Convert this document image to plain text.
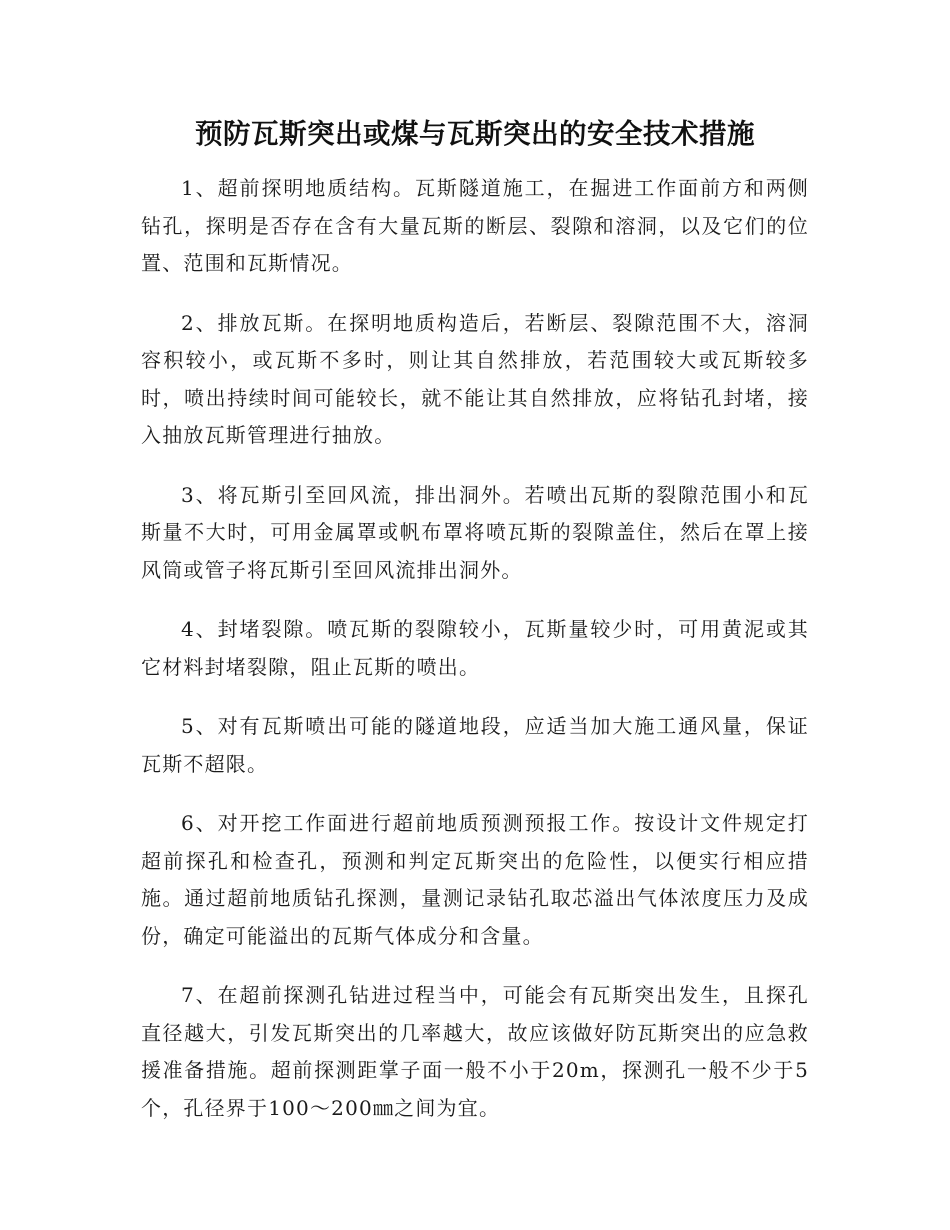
预防瓦斯突出或煤与瓦斯突出的安全技术措施

1、超前探明地质结构。瓦斯隧道施工，在掘进工作面前方和两侧钻孔，探明是否存在含有大量瓦斯的断层、裂隙和溶洞，以及它们的位置、范围和瓦斯情况。

2、排放瓦斯。在探明地质构造后，若断层、裂隙范围不大，溶洞容积较小，或瓦斯不多时，则让其自然排放，若范围较大或瓦斯较多时，喷出持续时间可能较长，就不能让其自然排放，应将钻孔封堵，接入抽放瓦斯管理进行抽放。

3、将瓦斯引至回风流，排出洞外。若喷出瓦斯的裂隙范围小和瓦斯量不大时，可用金属罩或帆布罩将喷瓦斯的裂隙盖住，然后在罩上接风筒或管子将瓦斯引至回风流排出洞外。

4、封堵裂隙。喷瓦斯的裂隙较小，瓦斯量较少时，可用黄泥或其它材料封堵裂隙，阻止瓦斯的喷出。

5、对有瓦斯喷出可能的隧道地段，应适当加大施工通风量，保证瓦斯不超限。

6、对开挖工作面进行超前地质预测预报工作。按设计文件规定打超前探孔和检查孔，预测和判定瓦斯突出的危险性，以便实行相应措施。通过超前地质钻孔探测，量测记录钻孔取芯溢出气体浓度压力及成份，确定可能溢出的瓦斯气体成分和含量。

7、在超前探测孔钻进过程当中，可能会有瓦斯突出发生，且探孔直径越大，引发瓦斯突出的几率越大，故应该做好防瓦斯突出的应急救援准备措施。超前探测距掌子面一般不小于20m，探测孔一般不少于5个，孔径界于100～200㎜之间为宜。
